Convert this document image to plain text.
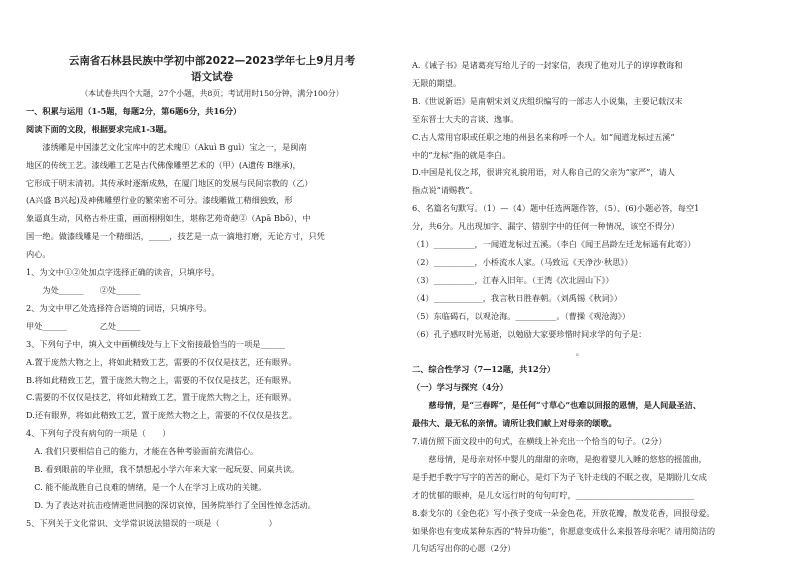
云南省石林县民族中学初中部2022—2023学年七上9月月考
语文试卷
（本试卷共四个大题，27个小题，共8页；考试用时150分钟，满分100分）
一、积累与运用（1-5题，每题2分，第6题6分，共16分）
阅读下面的文段，根据要求完成1-3题。
　　漆绣雕是中国漆艺文化宝库中的艺术瑰①（Akuì B guì）宝之一，是闽南
地区的传统工艺。漆线雕工艺是古代佛像雕塑艺术的（甲）(A遗传 B继承)，
它形成于明末清初。其传承时逐渐成熟，在厦门地区的发展与民间宗教的（乙）
(A兴盛 B兴起)及神佛雕塑行业的繁荣密不可分。漆线雕做工精细独致，形
象逼真生动，风格古朴庄重，画面栩栩如生，堪称艺苑奇葩②（Apā Bbō），中
国一绝。做漆线雕是一个精细活，_____，技艺是一点一滴地打磨，无论方寸，只凭
内心。
1、为文中①②处加点字选择正确的读音，只填序号。
　　为处______　　②处______
2、为文中甲乙处选择符合语境的词语，只填序号。
甲处______　　　　乙处______
3、下列句子中，填入文中画横线处与上下文衔接最恰当的一项是______
A.置于庞然大物之上，将如此精致工艺，需要的不仅仅是技艺，还有眼界。
B.将如此精致工艺，置于庞然大物之上，需要的不仅仅是技艺，还有眼界。
C.需要的不仅仅是技艺，将如此精致工艺，置于庞然大物之上，还有眼界。
D.还有眼界，将如此精致工艺，置于庞然大物之上，需要的不仅仅是技艺。
4、下列句子没有病句的一项是（　　）
　A. 我们只要相信自己的能力，才能在各种考验面前充满信心。
　B. 看到眼前的毕业照，我不禁想起小学六年来大家一起玩耍、同桌共读。
　C. 能不能战胜自己良难的情绪，是一个人在学习上成功的关键。
　D. 为了表达对抗击疫情逝世同胞的深切哀悼，国务院举行了全国性悼念活动。
5、下列关于文化常识、文学常识说法错误的一项是（　　　　　　）
A.《诫子书》是诸葛亮写给儿子的一封家信，表现了他对儿子的谆谆教诲和
无限的期望。
B.《世说新语》是南朝宋刘义庆组织编写的一部志人小说集，主要记载汉末
至东晋士大夫的言谈、逸事。
C.古人常用官职或任职之地的州县名来称呼一个人。如“闻道龙标过五溪”
中的“龙标”指的就是李白。
D.中国是礼仪之邦，很讲究礼貌用语，对人称自己的父亲为“家严”，请人
指点说“请赐教”。
6、名篇名句默写。（1）—（4）题中任选两题作答，（5）、(6)小题必答，每空1
分，共6分。凡出现加字、漏字、错别字中的任何一种情况，该空不得分）
（1）__________，一闻道龙标过五溪。（李白《闻王昌龄左迁龙标遥有此寄》）
（2）__________，小桥流水人家。（马致远《天净沙·秋思》）
（3）__________，江春入旧年。（王湾《次北固山下》）
（4）____________，我言秋日胜春朝。（刘禹锡《秋词》）
（5）东临碣石，以观沧海。__________。（曹操《观沧海》）
（6）孔子感叹时光易逝，以勉励大家要珍惜时间求学的句子是：
　　　　　　　　　　　　　　　　　　　　。
二、综合性学习（7—12题，共12分）
（一）学习与探究（4分）
　　慈母情，是“三春晖”，是任何“寸草心”也难以回报的恩情，是人间最圣洁、
最伟大、最无私的亲情。请所让我们献上对母亲的颂歌。
7.请仿照下面文段中的句式，在横线上补充出一个恰当的句子。（2分）
　　慈母情，是母亲对怀中婴儿的甜甜的亲吻，是抱着婴儿入睡的悠悠的摇篮曲，
是手把手教字写字的苦苦的耐心，是灯下为子飞针走线的不眠之夜，是期盼儿女成
才的忧郁的眼神，是儿女远行时的句句叮咛，_____________________________
8.泰戈尔的《金色花》写小孩子变成一朵金色花，开放花瓣，散发花香，回报母爱。
如果你也有变成某种东西的“特异功能”，你愿意变成什么来报答母亲呢？请用简洁的
几句话写出你的心愿（2分）
